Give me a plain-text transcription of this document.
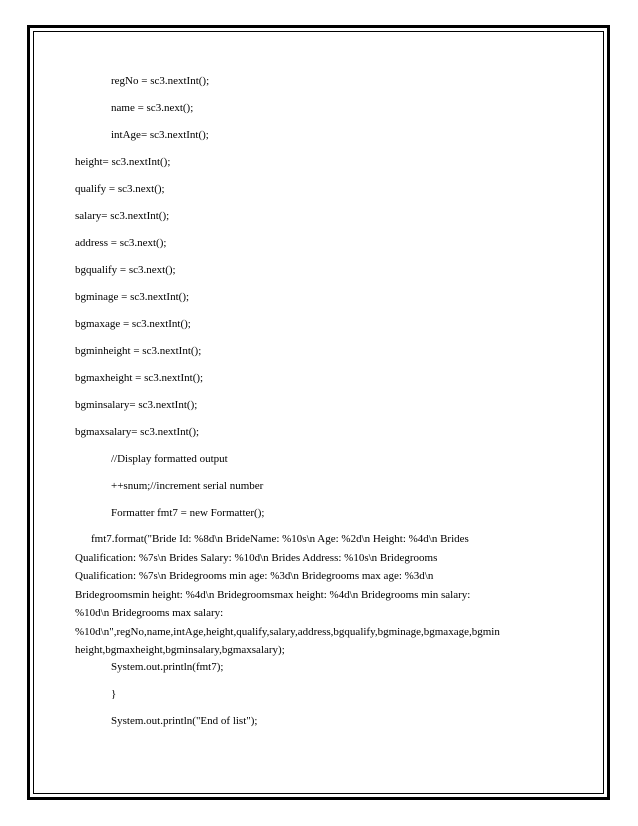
regNo = sc3.nextInt();

name = sc3.next();

intAge= sc3.nextInt();

height= sc3.nextInt();

qualify = sc3.next();

salary= sc3.nextInt();

address = sc3.next();

bgqualify = sc3.next();

bgminage = sc3.nextInt();

bgmaxage = sc3.nextInt();

bgminheight = sc3.nextInt();

bgmaxheight = sc3.nextInt();

bgminsalary= sc3.nextInt();

bgmaxsalary= sc3.nextInt();

//Display formatted output

++snum;//increment serial number

Formatter fmt7 = new Formatter();

fmt7.format("Bride Id: %8d\n BrideName: %10s\n Age: %2d\n Height: %4d\n Brides
Qualification: %7s\n Brides Salary: %10d\n Brides Address: %10s\n Bridegrooms
Qualification: %7s\n Bridegrooms min age: %3d\n Bridegrooms max age: %3d\n
Bridegroomsmin height: %4d\n Bridegroomsmax height: %4d\n Bridegrooms min salary:
%10d\n Bridegrooms max salary:
%10d\n",regNo,name,intAge,height,qualify,salary,address,bgqualify,bgminage,bgmaxage,bgmin
height,bgmaxheight,bgminsalary,bgmaxsalary);

System.out.println(fmt7);

}

System.out.println("End of list");
